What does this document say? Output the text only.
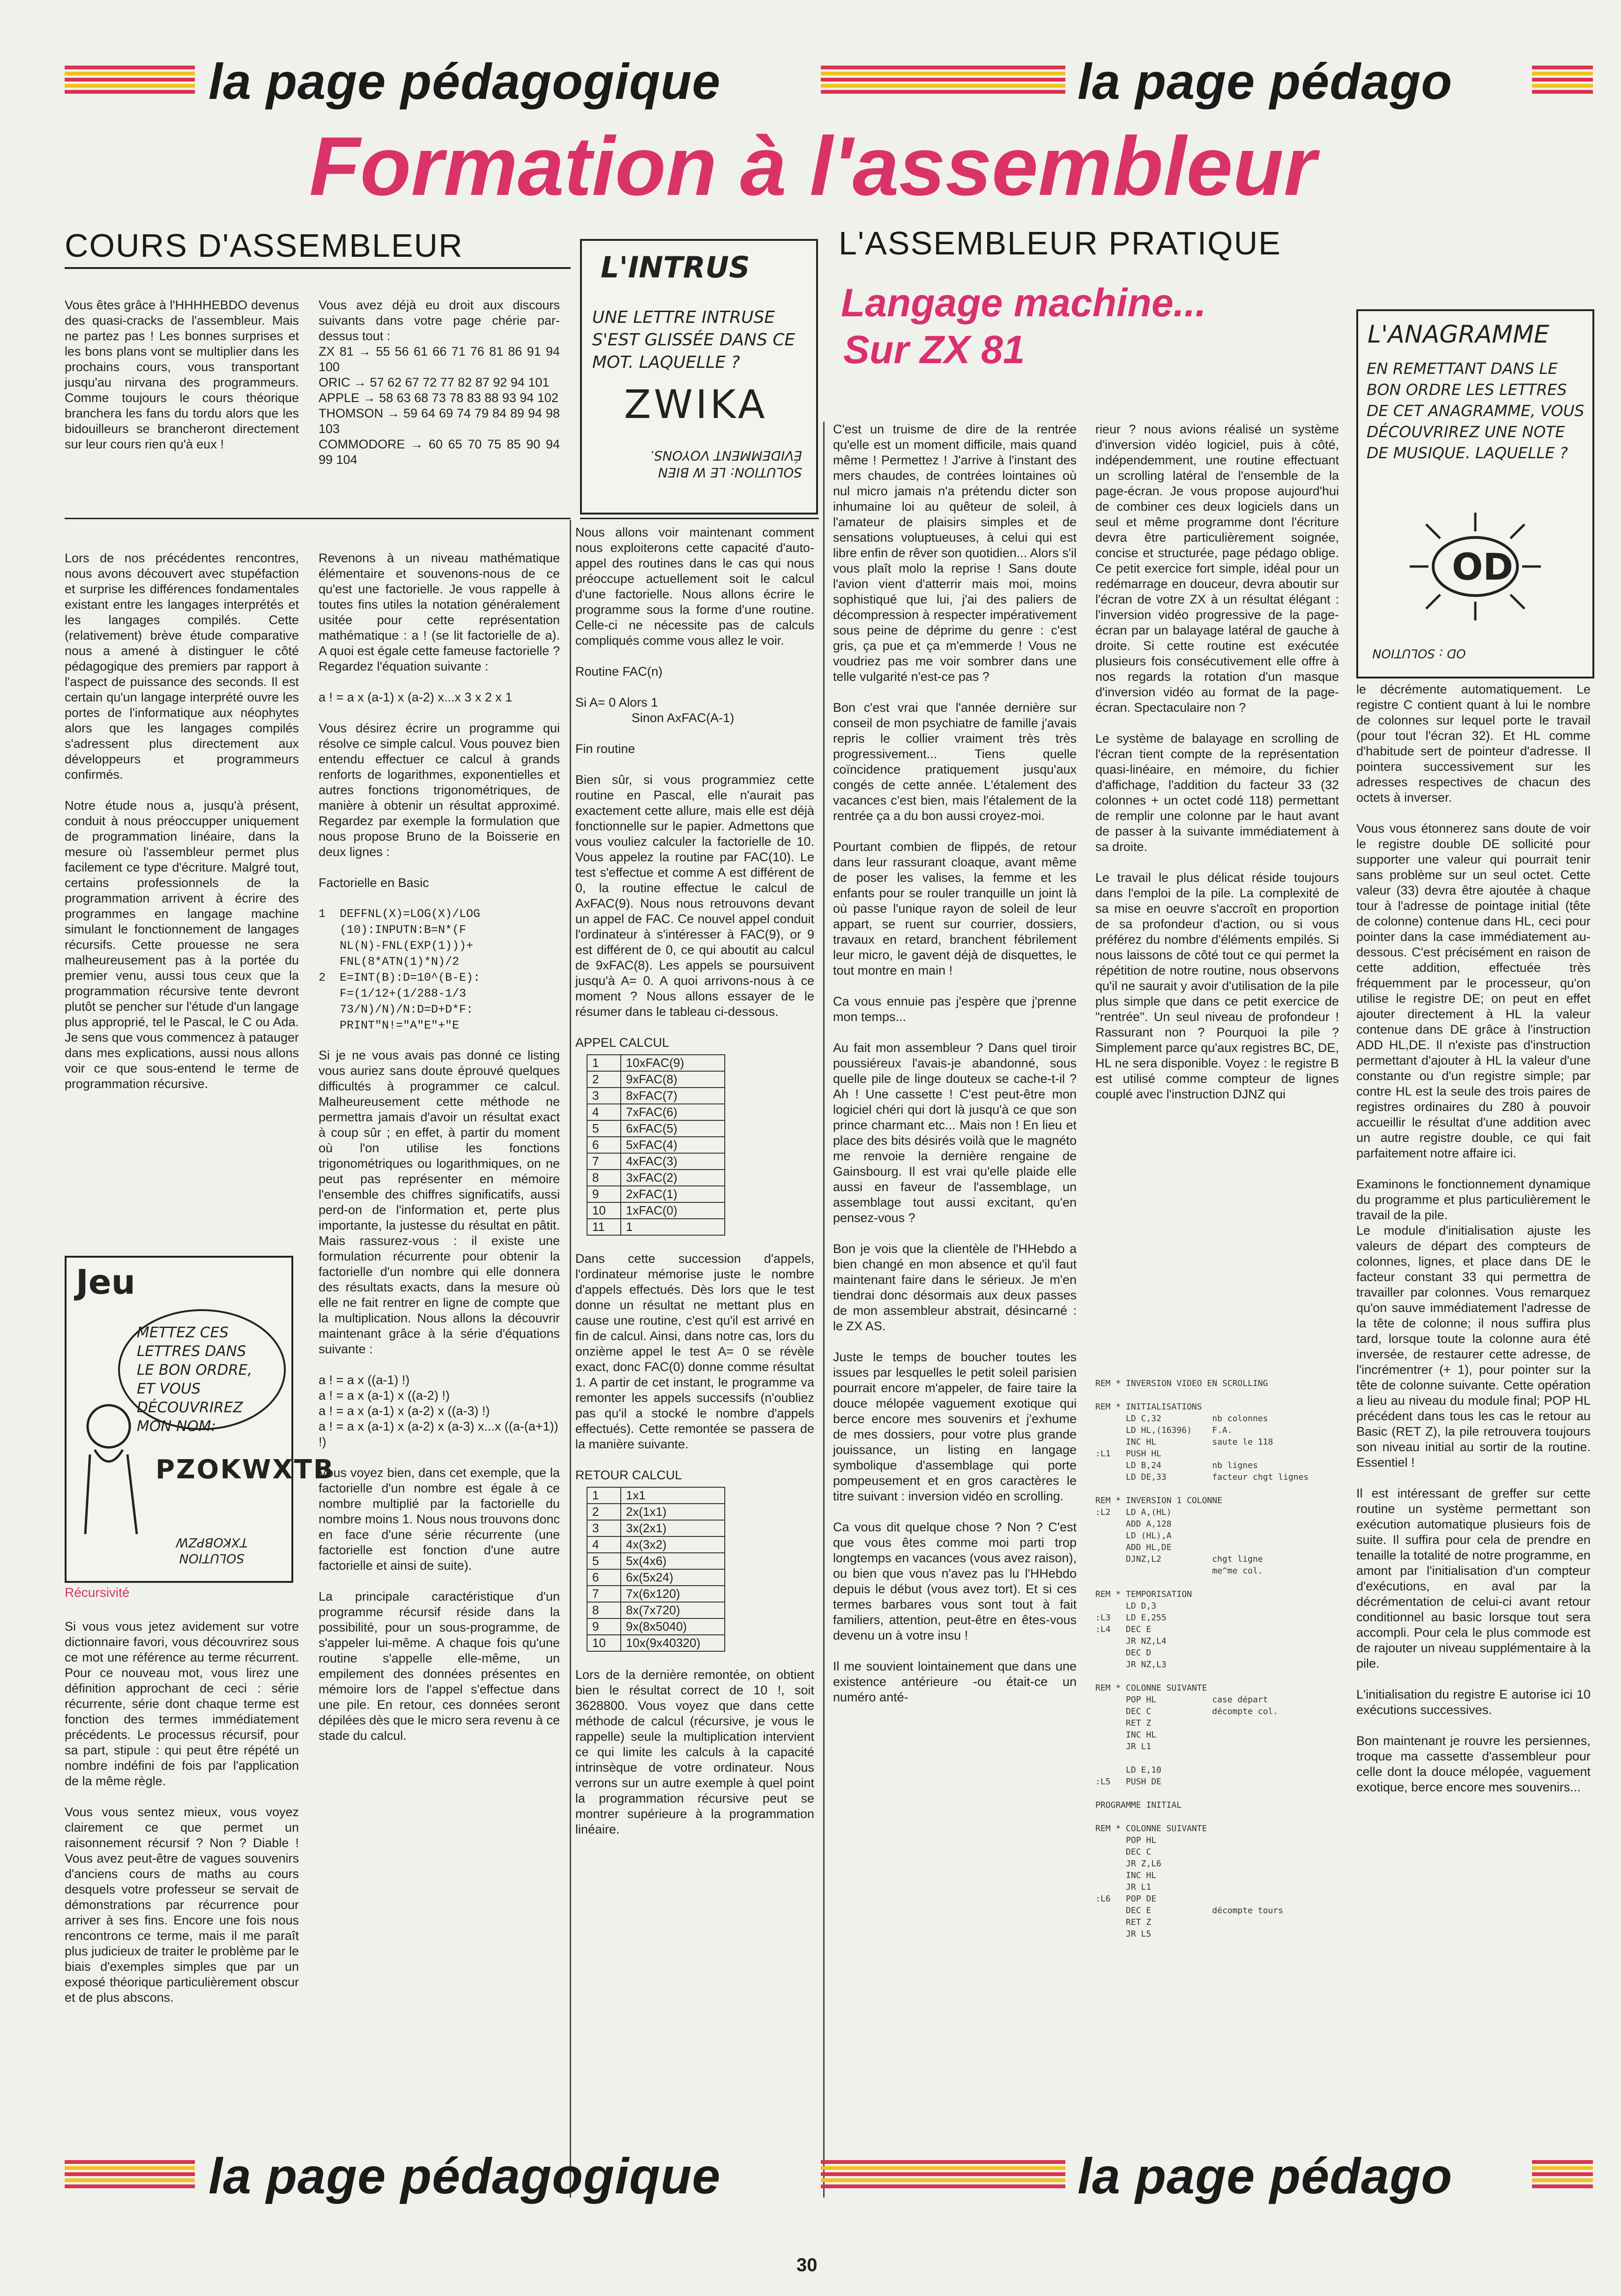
la page pédagogique	la page pédago
Formation à l'assembleur
COURS D'ASSEMBLEUR	L'ASSEMBLEUR PRATIQUE
Langage machine...
Sur ZX 81
L'INTRUS
UNE LETTRE INTRUSE S'EST GLISSÉE DANS CE MOT. LAQUELLE ?
ZWIKA
SOLUTION: LE W BIEN ÉVIDEMMENT VOYONS.
L'ANAGRAMME
EN REMETTANT DANS LE BON ORDRE LES LETTRES DE CET ANAGRAMME, VOUS DÉCOUVRIREZ UNE NOTE DE MUSIQUE. LAQUELLE ?
OD
OD : SOLUTION
Jeu
METTEZ CES LETTRES DANS LE BON ORDRE, ET VOUS DÉCOUVRIREZ MON NOM:
PZOKWXTB
SOLUTION TXKOBPZW
Récursivité
Vous êtes grâce à l'HHHHEBDO devenus des quasi-cracks de l'assembleur. Mais ne partez pas ! Les bonnes surprises et les bons plans vont se multiplier dans les prochains cours, vous transportant jusqu'au nirvana des programmeurs. Comme toujours le cours théorique branchera les fans du tordu alors que les bidouilleurs se brancheront directement sur leur cours rien qu'à eux !

Lors de nos précédentes rencontres, nous avons découvert avec stupéfaction et surprise les différences fondamentales existant entre les langages interprétés et les langages compilés. Cette (relativement) brève étude comparative nous a amené à distinguer le côté pédagogique des premiers par rapport à l'aspect de puissance des seconds. Il est certain qu'un langage interprété ouvre les portes de l'informatique aux néophytes alors que les langages compilés s'adressent plus directement aux développeurs et programmeurs confirmés.

Notre étude nous a, jusqu'à présent, conduit à nous préoccupper uniquement de programmation linéaire, dans la mesure où l'assembleur permet plus facilement ce type d'écriture. Malgré tout, certains professionnels de la programmation arrivent à écrire des programmes en langage machine simulant le fonctionnement de langages récursifs. Cette prouesse ne sera malheureusement pas à la portée du premier venu, aussi tous ceux que la programmation récursive tente devront plutôt se pencher sur l'étude d'un langage plus approprié, tel le Pascal, le C ou Ada. Je sens que vous commencez à patauger dans mes explications, aussi nous allons voir ce que sous-entend le terme de programmation récursive.

Si vous vous jetez avidement sur votre dictionnaire favori, vous découvrirez sous ce mot une référence au terme récurrent. Pour ce nouveau mot, vous lirez une définition approchant de ceci : série récurrente, série dont chaque terme est fonction des termes immédiatement précédents. Le processus récursif, pour sa part, stipule : qui peut être répété un nombre indéfini de fois par l'application de la même règle.

Vous vous sentez mieux, vous voyez clairement ce que permet un raisonnement récursif ? Non ? Diable ! Vous avez peut-être de vagues souvenirs d'anciens cours de maths au cours desquels votre professeur se servait de démonstrations par récurrence pour arriver à ses fins. Encore une fois nous rencontrons ce terme, mais il me paraît plus judicieux de traiter le problème par le biais d'exemples simples que par un exposé théorique particulièrement obscur et de plus abscons.

Vous avez déjà eu droit aux discours suivants dans votre page chérie par-dessus tout :

ZX 81 → 55 56 61 66 71 76 81 86 91 94 100
ORIC → 57 62 67 72 77 82 87 92 94 101
APPLE → 58 63 68 73 78 83 88 93 94 102
THOMSON → 59 64 69 74 79 84 89 94 98 103
COMMODORE → 60 65 70 75 85 90 94 99 104

Revenons à un niveau mathématique élémentaire et souvenons-nous de ce qu'est une factorielle. Je vous rappelle à toutes fins utiles la notation généralement usitée pour cette représentation mathématique : a ! (se lit factorielle de a). A quoi est égale cette fameuse factorielle ? Regardez l'équation suivante :

a ! = a x (a-1) x (a-2) x...x 3 x 2 x 1

Vous désirez écrire un programme qui résolve ce simple calcul. Vous pouvez bien entendu effectuer ce calcul à grands renforts de logarithmes, exponentielles et autres fonctions trigonométriques, de manière à obtenir un résultat approximé. Regardez par exemple la formulation que nous propose Bruno de la Boisserie en deux lignes :

Factorielle en Basic

1  DEFFNL(X)=LOG(X)/LOG
(10):INPUTN:B=N*(F
NL(N)-FNL(EXP(1)))+
FNL(8*ATN(1)*N)/2
2  E=INT(B):D=10^(B-E):
F=(1/12+(1/288-1/3
73/N)/N)/N:D=D+D*F:
PRINT"N!="A"E"+"E

Si je ne vous avais pas donné ce listing vous auriez sans doute éprouvé quelques difficultés à programmer ce calcul. Malheureusement cette méthode ne permettra jamais d'avoir un résultat exact à coup sûr ; en effet, à partir du moment où l'on utilise les fonctions trigonométriques ou logarithmiques, on ne peut pas représenter en mémoire l'ensemble des chiffres significatifs, aussi perd-on de l'information et, perte plus importante, la justesse du résultat en pâtit. Mais rassurez-vous : il existe une formulation récurrente pour obtenir la factorielle d'un nombre qui elle donnera des résultats exacts, dans la mesure où elle ne fait rentrer en ligne de compte que la multiplication. Nous allons la découvrir maintenant grâce à la série d'équations suivante :

a ! = a x ((a-1) !)
a ! = a x (a-1) x ((a-2) !)
a ! = a x (a-1) x (a-2) x ((a-3) !)
a ! = a x (a-1) x (a-2) x (a-3) x...x ((a-(a+1)) !)

Vous voyez bien, dans cet exemple, que la factorielle d'un nombre est égale à ce nombre multiplié par la factorielle du nombre moins 1. Nous nous trouvons donc en face d'une série récurrente (une factorielle est fonction d'une autre factorielle et ainsi de suite).

La principale caractéristique d'un programme récursif réside dans la possibilité, pour un sous-programme, de s'appeler lui-même. A chaque fois qu'une routine s'appelle elle-même, un empilement des données présentes en mémoire lors de l'appel s'effectue dans une pile. En retour, ces données seront dépilées dès que le micro sera revenu à ce stade du calcul.

Nous allons voir maintenant comment nous exploiterons cette capacité d'auto-appel des routines dans le cas qui nous préoccupe actuellement soit le calcul d'une factorielle. Nous allons écrire le programme sous la forme d'une routine. Celle-ci ne nécessite pas de calculs compliqués comme vous allez le voir.

Routine FAC(n)

Si A= 0 Alors 1
Sinon AxFAC(A-1)

Fin routine

Bien sûr, si vous programmiez cette routine en Pascal, elle n'aurait pas exactement cette allure, mais elle est déjà fonctionnelle sur le papier. Admettons que vous vouliez calculer la factorielle de 10. Vous appelez la routine par FAC(10). Le test s'effectue et comme A est différent de 0, la routine effectue le calcul de AxFAC(9). Nous nous retrouvons devant un appel de FAC. Ce nouvel appel conduit l'ordinateur à s'intéresser à FAC(9), or 9 est différent de 0, ce qui aboutit au calcul de 9xFAC(8). Les appels se poursuivent jusqu'à A= 0. A quoi arrivons-nous à ce moment ? Nous allons essayer de le résumer dans le tableau ci-dessous.

APPEL CALCUL
1	10xFAC(9)
2	9xFAC(8)
3	8xFAC(7)
4	7xFAC(6)
5	6xFAC(5)
6	5xFAC(4)
7	4xFAC(3)
8	3xFAC(2)
9	2xFAC(1)
10	1xFAC(0)
11	1

Dans cette succession d'appels, l'ordinateur mémorise juste le nombre d'appels effectués. Dès lors que le test donne un résultat ne mettant plus en cause une routine, c'est qu'il est arrivé en fin de calcul. Ainsi, dans notre cas, lors du onzième appel le test A= 0 se révèle exact, donc FAC(0) donne comme résultat 1. A partir de cet instant, le programme va remonter les appels successifs (n'oubliez pas qu'il a stocké le nombre d'appels effectués). Cette remontée se passera de la manière suivante.

RETOUR CALCUL
1	1x1
2	2x(1x1)
3	3x(2x1)
4	4x(3x2)
5	5x(4x6)
6	6x(5x24)
7	7x(6x120)
8	8x(7x720)
9	9x(8x5040)
10	10x(9x40320)

Lors de la dernière remontée, on obtient bien le résultat correct de 10 !, soit 3628800. Vous voyez que dans cette méthode de calcul (récursive, je vous le rappelle) seule la multiplication intervient ce qui limite les calculs à la capacité intrinsèque de votre ordinateur. Nous verrons sur un autre exemple à quel point la programmation récursive peut se montrer supérieure à la programmation linéaire.

C'est un truisme de dire de la rentrée qu'elle est un moment difficile, mais quand même ! Permettez ! J'arrive à l'instant des mers chaudes, de contrées lointaines où nul micro jamais n'a prétendu dicter son inhumaine loi au quêteur de soleil, à l'amateur de plaisirs simples et de sensations voluptueuses, à celui qui est libre enfin de rêver son quotidien... Alors s'il vous plaît molo la reprise ! Sans doute l'avion vient d'atterrir mais moi, moins sophistiqué que lui, j'ai des paliers de décompression à respecter impérativement sous peine de déprime du genre : c'est gris, ça pue et ça m'emmerde ! Vous ne voudriez pas me voir sombrer dans une telle vulgarité n'est-ce pas ?

Bon c'est vrai que l'année dernière sur conseil de mon psychiatre de famille j'avais repris le collier vraiment très très progressivement... Tiens quelle coïncidence pratiquement jusqu'aux congés de cette année. L'étalement des vacances c'est bien, mais l'étalement de la rentrée ça a du bon aussi croyez-moi.

Pourtant combien de flippés, de retour dans leur rassurant cloaque, avant même de poser les valises, la femme et les enfants pour se rouler tranquille un joint là où passe l'unique rayon de soleil de leur appart, se ruent sur courrier, dossiers, travaux en retard, branchent fébrilement leur micro, le gavent déjà de disquettes, le tout montre en main !

Ca vous ennuie pas j'espère que j'prenne mon temps...

Au fait mon assembleur ? Dans quel tiroir poussiéreux l'avais-je abandonné, sous quelle pile de linge douteux se cache-t-il ? Ah ! Une cassette ! C'est peut-être mon logiciel chéri qui dort là jusqu'à ce que son prince charmant etc... Mais non ! En lieu et place des bits désirés voilà que le magnéto me renvoie la dernière rengaine de Gainsbourg. Il est vrai qu'elle plaide elle aussi en faveur de l'assemblage, un assemblage tout aussi excitant, qu'en pensez-vous ?

Bon je vois que la clientèle de l'HHebdo a bien changé en mon absence et qu'il faut maintenant faire dans le sérieux. Je m'en tiendrai donc désormais aux deux passes de mon assembleur abstrait, désincarné : le ZX AS.

Juste le temps de boucher toutes les issues par lesquelles le petit soleil parisien pourrait encore m'appeler, de faire taire la douce mélopée vaguement exotique qui berce encore mes souvenirs et j'exhume de mes dossiers, pour votre plus grande jouissance, un listing en langage symbolique d'assemblage qui porte pompeusement et en gros caractères le titre suivant : inversion vidéo en scrolling.

Ca vous dit quelque chose ? Non ? C'est que vous êtes comme moi parti trop longtemps en vacances (vous avez raison), ou bien que vous n'avez pas lu l'HHebdo depuis le début (vous avez tort). Et si ces termes barbares vous sont tout à fait familiers, attention, peut-être en êtes-vous devenu un à votre insu !

Il me souvient lointainement que dans une existence antérieure -ou était-ce un numéro anté-

rieur ? nous avions réalisé un système d'inversion vidéo logiciel, puis à côté, indépendemment, une routine effectuant un scrolling latéral de l'ensemble de la page-écran. Je vous propose aujourd'hui de combiner ces deux logiciels dans un seul et même programme dont l'écriture devra être particulièrement soignée, concise et structurée, page pédago oblige. Ce petit exercice fort simple, idéal pour un redémarrage en douceur, devra aboutir sur l'écran de votre ZX à un résultat élégant : l'inversion vidéo progressive de la page-écran par un balayage latéral de gauche à droite. Si cette routine est exécutée plusieurs fois consécutivement elle offre à nos regards la rotation d'un masque d'inversion vidéo au format de la page-écran. Spectaculaire non ?

Le système de balayage en scrolling de l'écran tient compte de la représentation quasi-linéaire, en mémoire, du fichier d'affichage, l'addition du facteur 33 (32 colonnes + un octet codé 118) permettant de remplir une colonne par le haut avant de passer à la suivante immédiatement à sa droite.

Le travail le plus délicat réside toujours dans l'emploi de la pile. La complexité de sa mise en oeuvre s'accroît en proportion de sa profondeur d'action, ou si vous préférez du nombre d'éléments empilés. Si nous laissons de côté tout ce qui permet la répétition de notre routine, nous observons qu'il ne saurait y avoir d'utilisation de la pile plus simple que dans ce petit exercice de "rentrée". Un seul niveau de profondeur ! Rassurant non ? Pourquoi la pile ? Simplement parce qu'aux registres BC, DE, HL ne sera disponible. Voyez : le registre B est utilisé comme compteur de lignes couplé avec l'instruction DJNZ qui

REM * INVERSION VIDEO EN SCROLLING

REM * INITIALISATIONS
LD C,32          nb colonnes
LD HL,(16396)    F.A.
INC HL           saute le 118
:L1   PUSH HL
LD B,24          nb lignes
LD DE,33         facteur chgt lignes

REM * INVERSION 1 COLONNE
:L2   LD A,(HL)
ADD A,128
LD (HL),A
ADD HL,DE
DJNZ,L2          chgt ligne
me^me col.

REM * TEMPORISATION
LD D,3
:L3   LD E,255
:L4   DEC E
JR NZ,L4
DEC D
JR NZ,L3

REM * COLONNE SUIVANTE
POP HL           case départ
DEC C            décompte col.
RET Z
INC HL
JR L1

LD E,10
:L5   PUSH DE

PROGRAMME INITIAL

REM * COLONNE SUIVANTE
POP HL
DEC C
JR Z,L6
INC HL
JR L1
:L6   POP DE
DEC E            décompte tours
RET Z
JR L5

le décrémente automatiquement. Le registre C contient quant à lui le nombre de colonnes sur lequel porte le travail (pour tout l'écran 32). Et HL comme d'habitude sert de pointeur d'adresse. Il pointera successivement sur les adresses respectives de chacun des octets à inverser.

Vous vous étonnerez sans doute de voir le registre double DE sollicité pour supporter une valeur qui pourrait tenir sans problème sur un seul octet. Cette valeur (33) devra être ajoutée à chaque tour à l'adresse de pointage initial (tête de colonne) contenue dans HL, ceci pour pointer dans la case immédiatement au-dessous. C'est précisément en raison de cette addition, effectuée très fréquemment par le processeur, qu'on utilise le registre DE; on peut en effet ajouter directement à HL la valeur contenue dans DE grâce à l'instruction ADD HL,DE. Il n'existe pas d'instruction permettant d'ajouter à HL la valeur d'une constante ou d'un registre simple; par contre HL est la seule des trois paires de registres ordinaires du Z80 à pouvoir accueillir le résultat d'une addition avec un autre registre double, ce qui fait parfaitement notre affaire ici.

Examinons le fonctionnement dynamique du programme et plus particulièrement le travail de la pile.

Le module d'initialisation ajuste les valeurs de départ des compteurs de colonnes, lignes, et place dans DE le facteur constant 33 qui permettra de travailler par colonnes. Vous remarquez qu'on sauve immédiatement l'adresse de la tête de colonne; il nous suffira plus tard, lorsque toute la colonne aura été inversée, de restaurer cette adresse, de l'incrémentrer (+ 1), pour pointer sur la tête de colonne suivante. Cette opération a lieu au niveau du module final; POP HL précédent dans tous les cas le retour au Basic (RET Z), la pile retrouvera toujours son niveau initial au sortir de la routine. Essentiel !

Il est intéressant de greffer sur cette routine un système permettant son exécution automatique plusieurs fois de suite. Il suffira pour cela de prendre en tenaille la totalité de notre programme, en amont par l'initialisation d'un compteur d'exécutions, en aval par la décrémentation de celui-ci avant retour conditionnel au basic lorsque tout sera accompli. Pour cela le plus commode est de rajouter un niveau supplémentaire à la pile.

L'initialisation du registre E autorise ici 10 exécutions successives.

Bon maintenant je rouvre les persiennes, troque ma cassette d'assembleur pour celle dont la douce mélopée, vaguement exotique, berce encore mes souvenirs...

la page pédagogique	la page pédago
30
